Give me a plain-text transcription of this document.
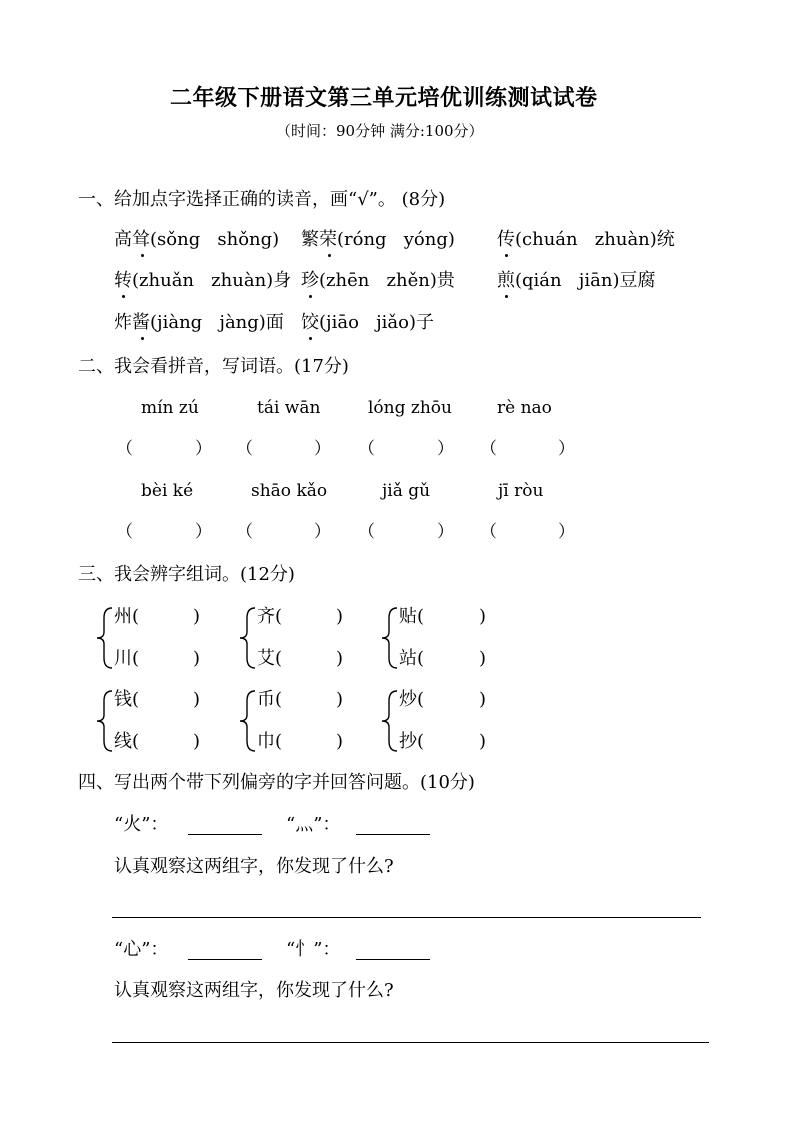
二年级下册语文第三单元培优训练测试试卷
（时间：90分钟 满分:100分）
一、给加点字选择正确的读音，画“√”。 (8分)
高耸(sǒng   shǒng) 繁荣(róng   yóng) 传(chuán   zhuàn)统
转(zhuǎn   zhuàn)身 珍(zhēn   zhěn)贵 煎(qián   jiān)豆腐
炸酱(jiàng   jàng)面 饺(jiāo   jiǎo)子
二、我会看拼音，写词语。(17分)
mín zú	tái wān	lóng zhōu	rè nao
（	） （	） （	） （	）
bèi ké	shāo kǎo	jiǎ gǔ	jī ròu
（	） （	） （	） （	）
三、我会辨字组词。(12分)
州(	)
川(	)
齐(	)
艾(	)
贴(	)
站(	)
钱(	)
线(	)
币(	)
巾(	)
炒(	)
抄(	)
四、写出两个带下列偏旁的字并回答问题。(10分)
“火”：	“灬”：
认真观察这两组字，你发现了什么?
“心”：	“忄”：
认真观察这两组字，你发现了什么?
